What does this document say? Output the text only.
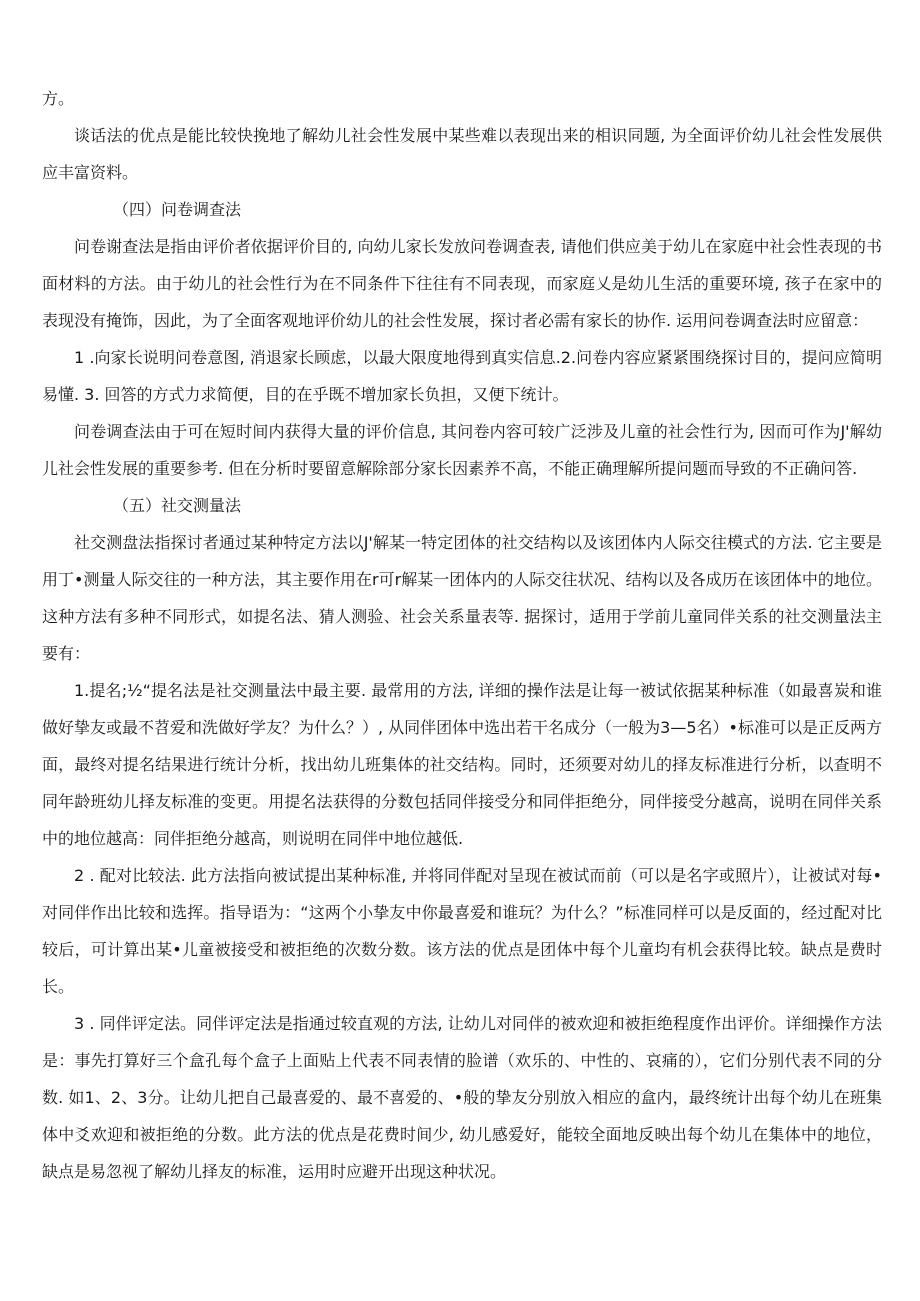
方。

谈话法的优点是能比较快挽地了解幼儿社会性发展中某些难以表现出来的相识同题, 为全面评价幼儿社会性发展供应丰富资料。

（四）问卷调查法

问卷谢查法是指由评价者依据评价目的, 向幼儿家长发放问卷调查表, 请他们供应美于幼儿在家庭中社会性表现的书面材料的方法。由于幼儿的社会性行为在不同条件下往往有不同表现，而家庭乂是幼儿生活的重要环境, 孩子在家中的表现没有掩饰，因此，为了全面客观地评价幼儿的社会性发展，探讨者必需有家长的协作. 运用问卷调查法时应留意：

1 .向家长说明问卷意图, 消退家长顾虑，以最大限度地得到真实信息.2.问卷内容应紧紧围绕探讨目的，提问应简明易懂. 3. 回答的方式力求简便，目的在乎既不增加家长负担，又便下统计。

问卷调查法由于可在短时间内获得大量的评价信息, 其问卷内容可较广泛涉及儿童的社会性行为, 因而可作为J'解幼儿社会性发展的重要参考. 但在分析时要留意解除部分家长因素养不高，不能正确理解所提问题而导致的不正确问答.

（五）社交测量法

社交测盘法指探讨者通过某种特定方法以J'解某一特定团体的社交结构以及该团体内人际交往模式的方法. 它主要是用丁•测量人际交往的一种方法，其主要作用在r可r解某一团体内的人际交往状况、结构以及各成历在该团体中的地位。这种方法有多种不同形式，如提名法、猜人测验、社会关系量表等. 据探讨，适用于学前儿童同伴关系的社交测量法主要有：

1.提名;½“提名法是社交测量法中最主要. 最常用的方法, 详细的操作法是让每一被试依据某种标准（如最喜炭和谁做好挚友或最不苕爱和洗做好学友？为什么？）, 从同伴团体中选出若干名成分（一般为3—5名）•标准可以是正反两方面，最终对提名结果进行统计分析，找出幼儿班集体的社交结构。同时，还须要对幼儿的择友标准进行分析，以查明不同年龄班幼儿择友标准的变更。用提名法获得的分数包括同伴接受分和同伴拒绝分，同伴接受分越高，说明在同伴关系中的地位越高：同伴拒绝分越高，则说明在同伴中地位越低.

2 . 配对比较法. 此方法指向被试提出某种标准, 并将同伴配对呈现在被试而前（可以是名字或照片），让被试对每•对同伴作出比较和选挥。指导语为：“这两个小挚友中你最喜爱和谁玩？为什么？”标准同样可以是反面的，经过配对比较后，可计算出某•儿童被接受和被拒绝的次数分数。该方法的优点是团体中每个儿童均有机会获得比较。缺点是费时长。

3 . 同伴评定法。同伴评定法是指通过较直观的方法, 让幼儿对同伴的被欢迎和被拒绝程度作出评价。详细操作方法是：事先打算好三个盒孔每个盒子上面贴上代表不同表情的脸谱（欢乐的、中性的、哀痛的），它们分别代表不同的分数. 如1、2、3分。让幼儿把自己最喜爱的、最不喜爱的、•般的挚友分别放入相应的盒内，最终统计出每个幼儿在班集体中爻欢迎和被拒绝的分数。此方法的优点是花费时间少, 幼儿感爱好，能较全面地反映出每个幼儿在集体中的地位，缺点是易忽视了解幼儿择友的标准，运用时应避开出现这种状况。
